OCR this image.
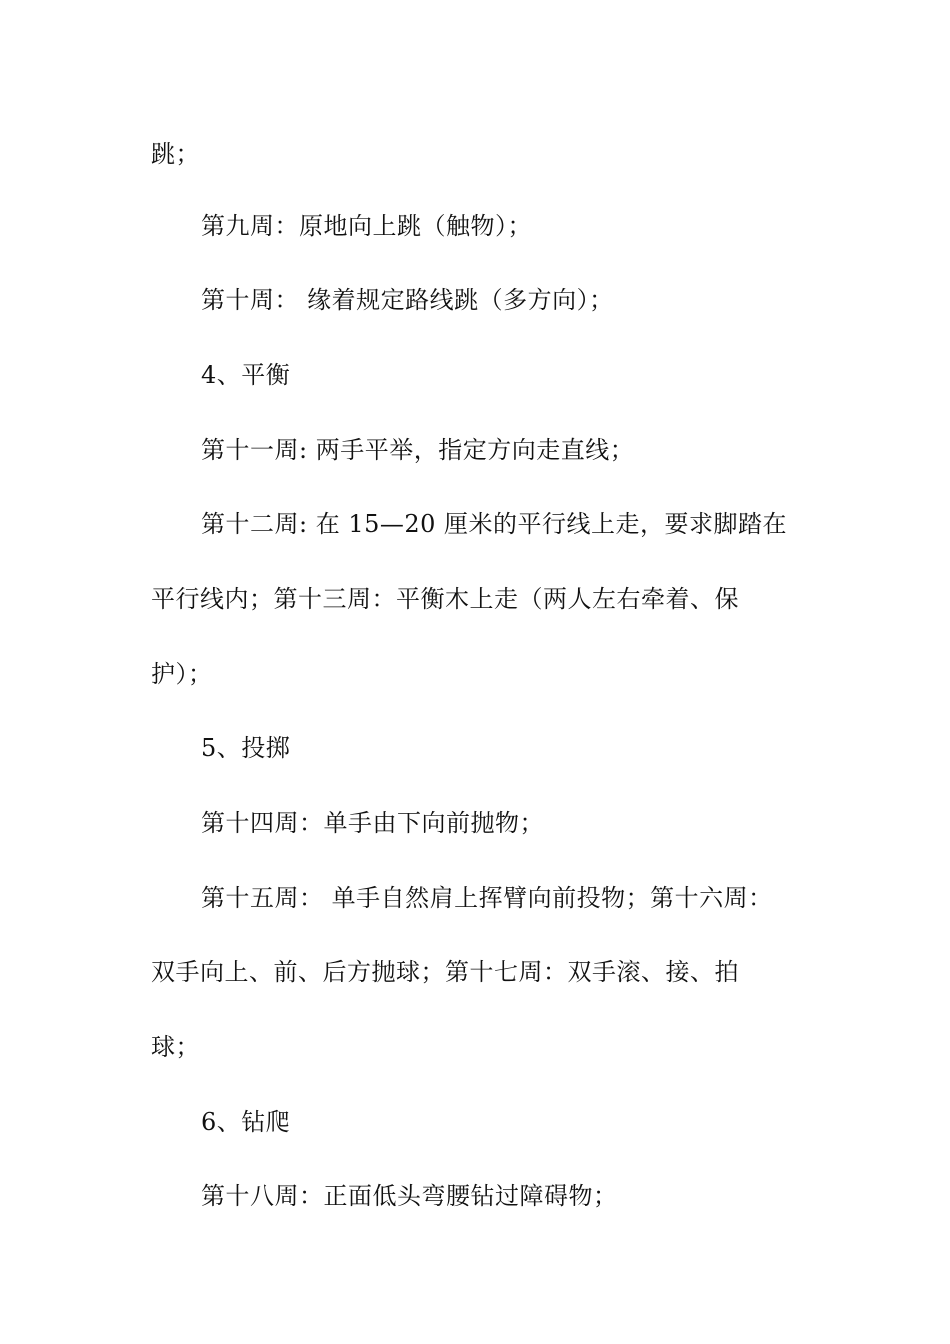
跳；
第九周：原地向上跳（触物）；
第十周： 缘着规定路线跳（多方向）；
4、平衡
第十一周: 两手平举，指定方向走直线；
第十二周: 在 15—20 厘米的平行线上走，要求脚踏在
平行线内；第十三周：平衡木上走（两人左右牵着、保
护）；
5、投掷
第十四周：单手由下向前抛物；
第十五周： 单手自然肩上挥臂向前投物；第十六周：
双手向上、前、后方抛球；第十七周：双手滚、接、拍
球；
6、钻爬
第十八周：正面低头弯腰钻过障碍物；
